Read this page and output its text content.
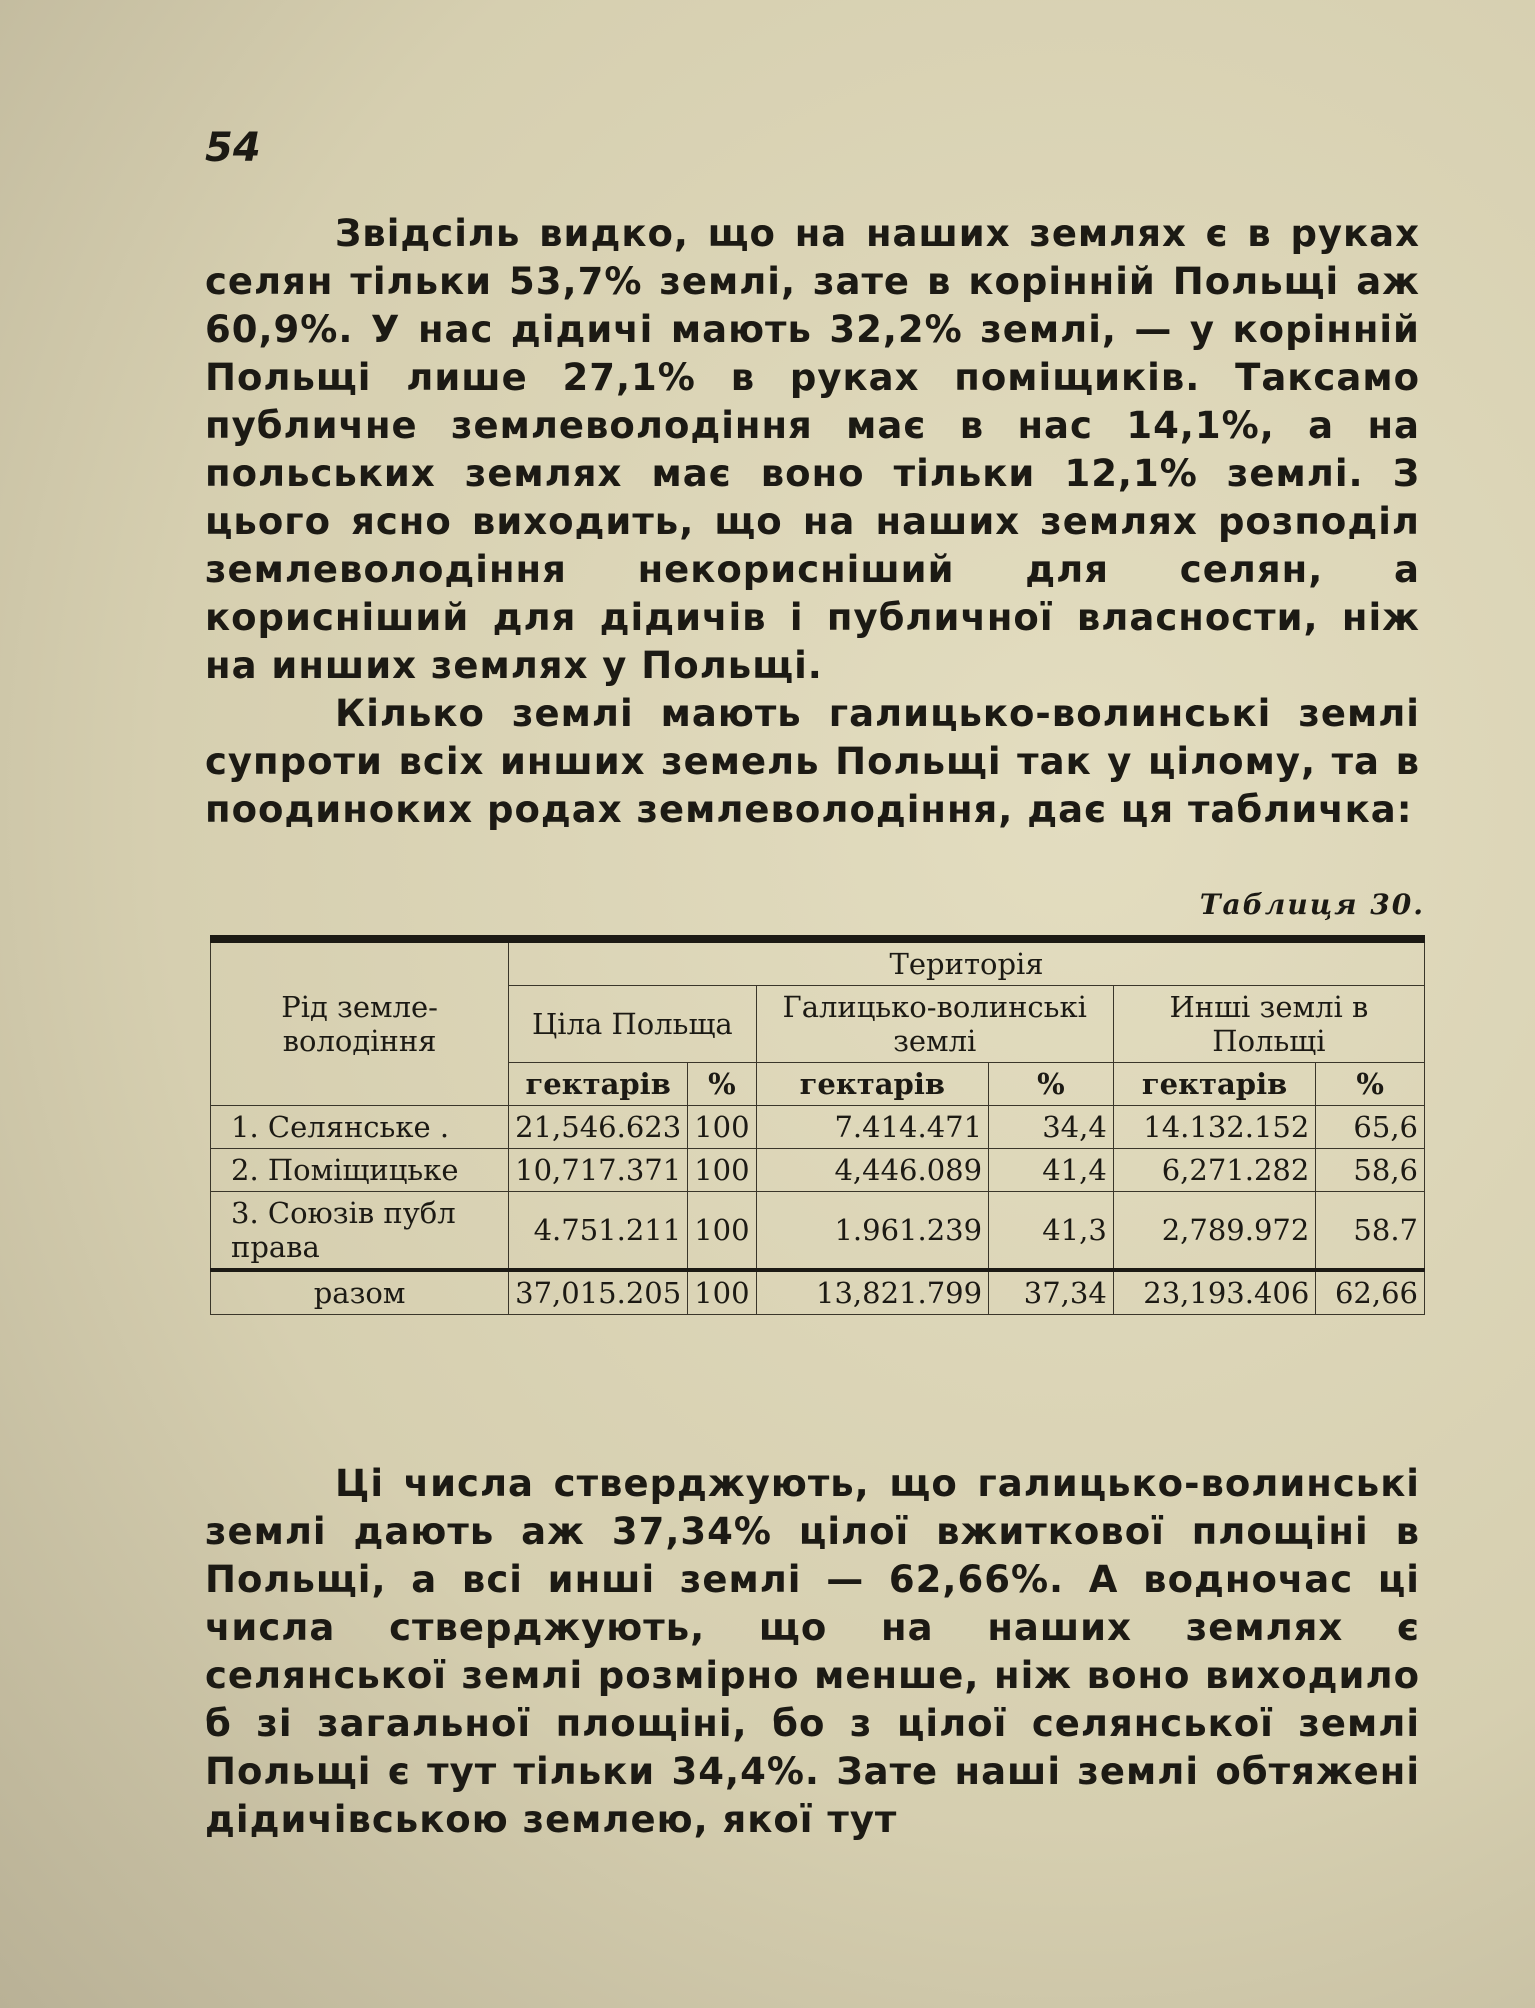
54

Звідсіль видко, що на наших землях є в руках селян тільки 53,7% землі, зате в корінній Польщі аж 60,9%. У нас дідичі мають 32,2% землі, — у корінній Польщі лише 27,1% в руках поміщиків. Таксамо публичне землеволодіння має в нас 14,1%, а на польських землях має воно тільки 12,1% землі. З цього ясно виходить, що на наших землях розподіл землеволодіння некорисніший для селян, а корисніший для дідичів і публичної власности, ніж на инших землях у Польщі.

Кілько землі мають галицько-волинські землі супроти всіх инших земель Польщі так у цілому, та в поодиноких родах землеволодіння, дає ця табличка:

Таблиця 30.
Рід земле-володіння	Територія					
	Ціла Польща		Галицько-волинські землі		Инші землі в Польщі	
	гектарів	%	гектарів	%	гектарів	%
1. Селянське .	21,546.623	100	7.414.471	34,4	14.132.152	65,6
2. Поміщицьке	10,717.371	100	4,446.089	41,4	6,271.282	58,6
3. Союзів публ права	4.751.211	100	1.961.239	41,3	2,789.972	58.7
разом	37,015.205	100	13,821.799	37,34	23,193.406	62,66

Ці числа стверджують, що галицько-волинські землі дають аж 37,34% цілої вжиткової площіні в Польщі, а всі инші землі — 62,66%. А водночас ці числа стверджують, що на наших землях є селянської землі розмірно менше, ніж воно виходило б зі загальної площіні, бо з цілої селянської землі Польщі є тут тільки 34,4%. Зате наші землі обтяжені дідичівською землею, якої тут
